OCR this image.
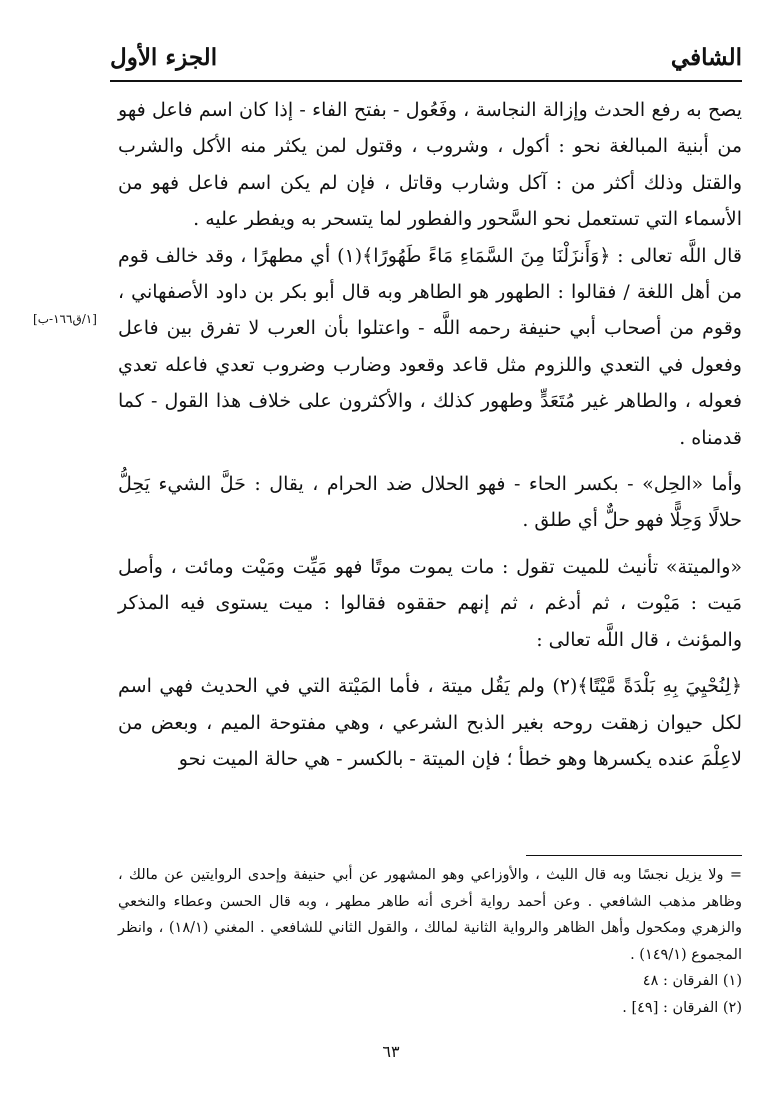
الشافي
الجزء الأول

يصح به رفع الحدث وإزالة النجاسة ، وفَعُول - بفتح الفاء - إذا كان اسم فاعل فهو من أبنية المبالغة نحو : أكول ، وشروب ، وقتول لمن يكثر منه الأكل والشرب والقتل وذلك أكثر من : آكل وشارب وقاتل ، فإن لم يكن اسم فاعل فهو من الأسماء التي تستعمل نحو السَّحور والفطور لما يتسحر به ويفطر عليه .

قال اللَّه تعالى : ﴿وَأَنزَلْنَا مِنَ السَّمَاءِ مَاءً طَهُورًا﴾(١) أي مطهرًا ، وقد خالف قوم من أهل اللغة / فقالوا : الطهور هو الطاهر وبه قال أبو بكر بن داود الأصفهاني ، وقوم من أصحاب أبي حنيفة رحمه اللَّه - واعتلوا بأن العرب لا تفرق بين فاعل وفعول في التعدي واللزوم مثل قاعد وقعود وضارب وضروب تعدي فاعله تعدي فعوله ، والطاهر غير مُتَعَدٍّ وطهور كذلك ، والأكثرون على خلاف هذا القول - كما قدمناه .

وأما «الحِل» - بكسر الحاء - فهو الحلال ضد الحرام ، يقال : حَلَّ الشيء يَحِلُّ حلالًا وَحِلًّا فهو حلٌّ أي طلق .

«والميتة» تأنيث للميت تقول : مات يموت موتًا فهو مَيِّت ومَيْت ومائت ، وأصل مَيت : مَيْوت ، ثم أدغم ، ثم إنهم حققوه فقالوا : ميت يستوى فيه المذكر والمؤنث ، قال اللَّه تعالى :

﴿لِنُحْيِيَ بِهِ بَلْدَةً مَّيْتًا﴾(٢) ولم يَقُل ميتة ، فأما المَيْتة التي في الحديث فهي اسم لكل حيوان زهقت روحه بغير الذبح الشرعي ، وهي مفتوحة الميم ، وبعض من لاعِلْمَ عنده يكسرها وهو خطأ ؛ فإن الميتة - بالكسر - هي حالة الميت نحو

[١/ق١٦٦-ب]

= ولا يزيل نجسًا وبه قال الليث ، والأوزاعي وهو المشهور عن أبي حنيفة وإحدى الروايتين عن مالك ، وظاهر مذهب الشافعي . وعن أحمد رواية أخرى أنه طاهر مطهر ، وبه قال الحسن وعطاء والنخعي والزهري ومكحول وأهل الظاهر والرواية الثانية لمالك ، والقول الثاني للشافعي . المغني (١٨/١) ، وانظر المجموع (١٤٩/١) .

(١) الفرقان : ٤٨

(٢) الفرقان : [٤٩] .

٦٣
